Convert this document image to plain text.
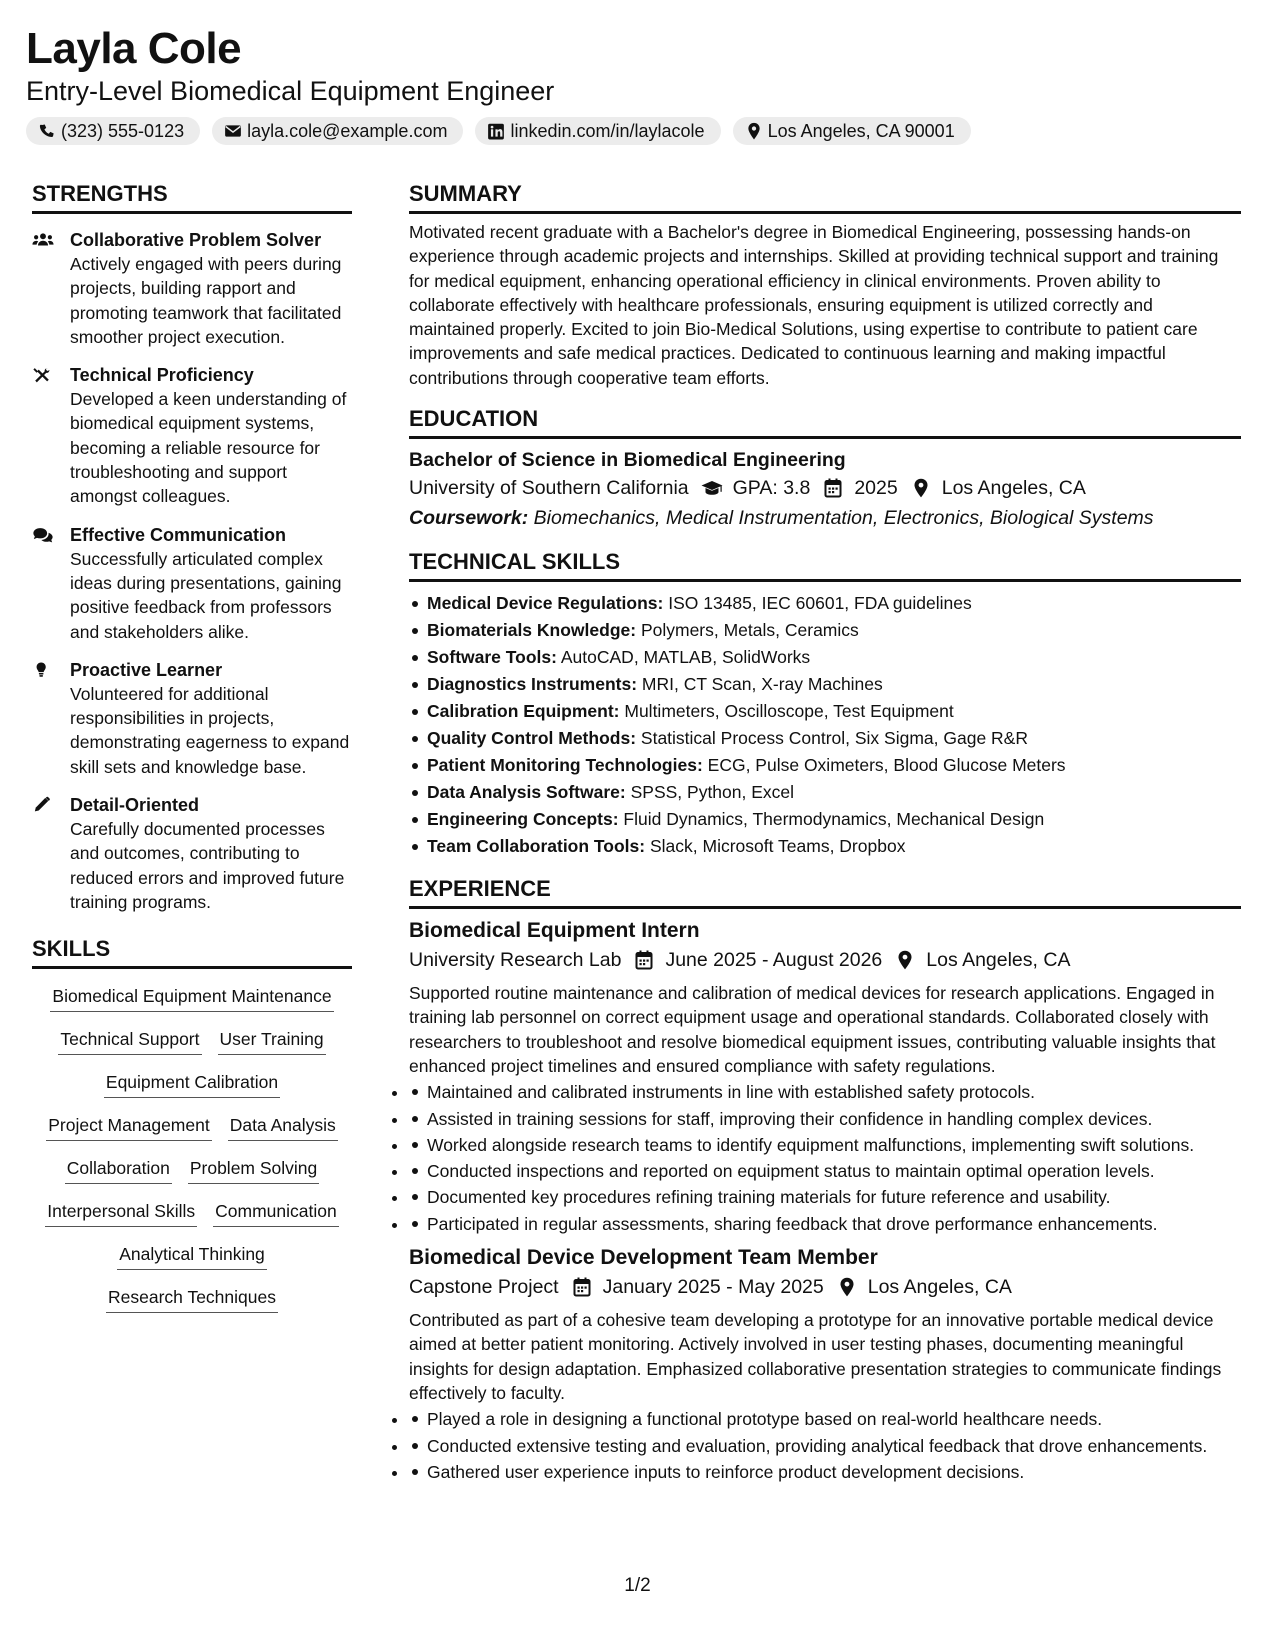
Layla Cole
Entry-Level Biomedical Equipment Engineer
(323) 555-0123	layla.cole@example.com	linkedin.com/in/laylacole	Los Angeles, CA 90001
STRENGTHS
Collaborative Problem Solver
Actively engaged with peers during projects, building rapport and promoting teamwork that facilitated smoother project execution.
Technical Proficiency
Developed a keen understanding of biomedical equipment systems, becoming a reliable resource for troubleshooting and support amongst colleagues.
Effective Communication
Successfully articulated complex ideas during presentations, gaining positive feedback from professors and stakeholders alike.
Proactive Learner
Volunteered for additional responsibilities in projects, demonstrating eagerness to expand skill sets and knowledge base.
Detail-Oriented
Carefully documented processes and outcomes, contributing to reduced errors and improved future training programs.
SKILLS
Biomedical Equipment Maintenance
Technical Support User Training
Equipment Calibration
Project Management Data Analysis
Collaboration Problem Solving
Interpersonal Skills Communication
Analytical Thinking
Research Techniques
SUMMARY
Motivated recent graduate with a Bachelor's degree in Biomedical Engineering, possessing hands-on experience through academic projects and internships. Skilled at providing technical support and training for medical equipment, enhancing operational efficiency in clinical environments. Proven ability to collaborate effectively with healthcare professionals, ensuring equipment is utilized correctly and maintained properly. Excited to join Bio-Medical Solutions, using expertise to contribute to patient care improvements and safe medical practices. Dedicated to continuous learning and making impactful contributions through cooperative team efforts.
EDUCATION
Bachelor of Science in Biomedical Engineering
University of Southern California GPA: 3.8 2025 Los Angeles, CA
Coursework: Biomechanics, Medical Instrumentation, Electronics, Biological Systems
TECHNICAL SKILLS
Medical Device Regulations: ISO 13485, IEC 60601, FDA guidelines
Biomaterials Knowledge: Polymers, Metals, Ceramics
Software Tools: AutoCAD, MATLAB, SolidWorks
Diagnostics Instruments: MRI, CT Scan, X-ray Machines
Calibration Equipment: Multimeters, Oscilloscope, Test Equipment
Quality Control Methods: Statistical Process Control, Six Sigma, Gage R&R
Patient Monitoring Technologies: ECG, Pulse Oximeters, Blood Glucose Meters
Data Analysis Software: SPSS, Python, Excel
Engineering Concepts: Fluid Dynamics, Thermodynamics, Mechanical Design
Team Collaboration Tools: Slack, Microsoft Teams, Dropbox
EXPERIENCE
Biomedical Equipment Intern
University Research Lab June 2025 - August 2026 Los Angeles, CA
Supported routine maintenance and calibration of medical devices for research applications. Engaged in training lab personnel on correct equipment usage and operational standards. Collaborated closely with researchers to troubleshoot and resolve biomedical equipment issues, contributing valuable insights that enhanced project timelines and ensured compliance with safety regulations.
• Maintained and calibrated instruments in line with established safety protocols.
• Assisted in training sessions for staff, improving their confidence in handling complex devices.
• Worked alongside research teams to identify equipment malfunctions, implementing swift solutions.
• Conducted inspections and reported on equipment status to maintain optimal operation levels.
• Documented key procedures refining training materials for future reference and usability.
• Participated in regular assessments, sharing feedback that drove performance enhancements.
Biomedical Device Development Team Member
Capstone Project January 2025 - May 2025 Los Angeles, CA
Contributed as part of a cohesive team developing a prototype for an innovative portable medical device aimed at better patient monitoring. Actively involved in user testing phases, documenting meaningful insights for design adaptation. Emphasized collaborative presentation strategies to communicate findings effectively to faculty.
• Played a role in designing a functional prototype based on real-world healthcare needs.
• Conducted extensive testing and evaluation, providing analytical feedback that drove enhancements.
• Gathered user experience inputs to reinforce product development decisions.
1/2
